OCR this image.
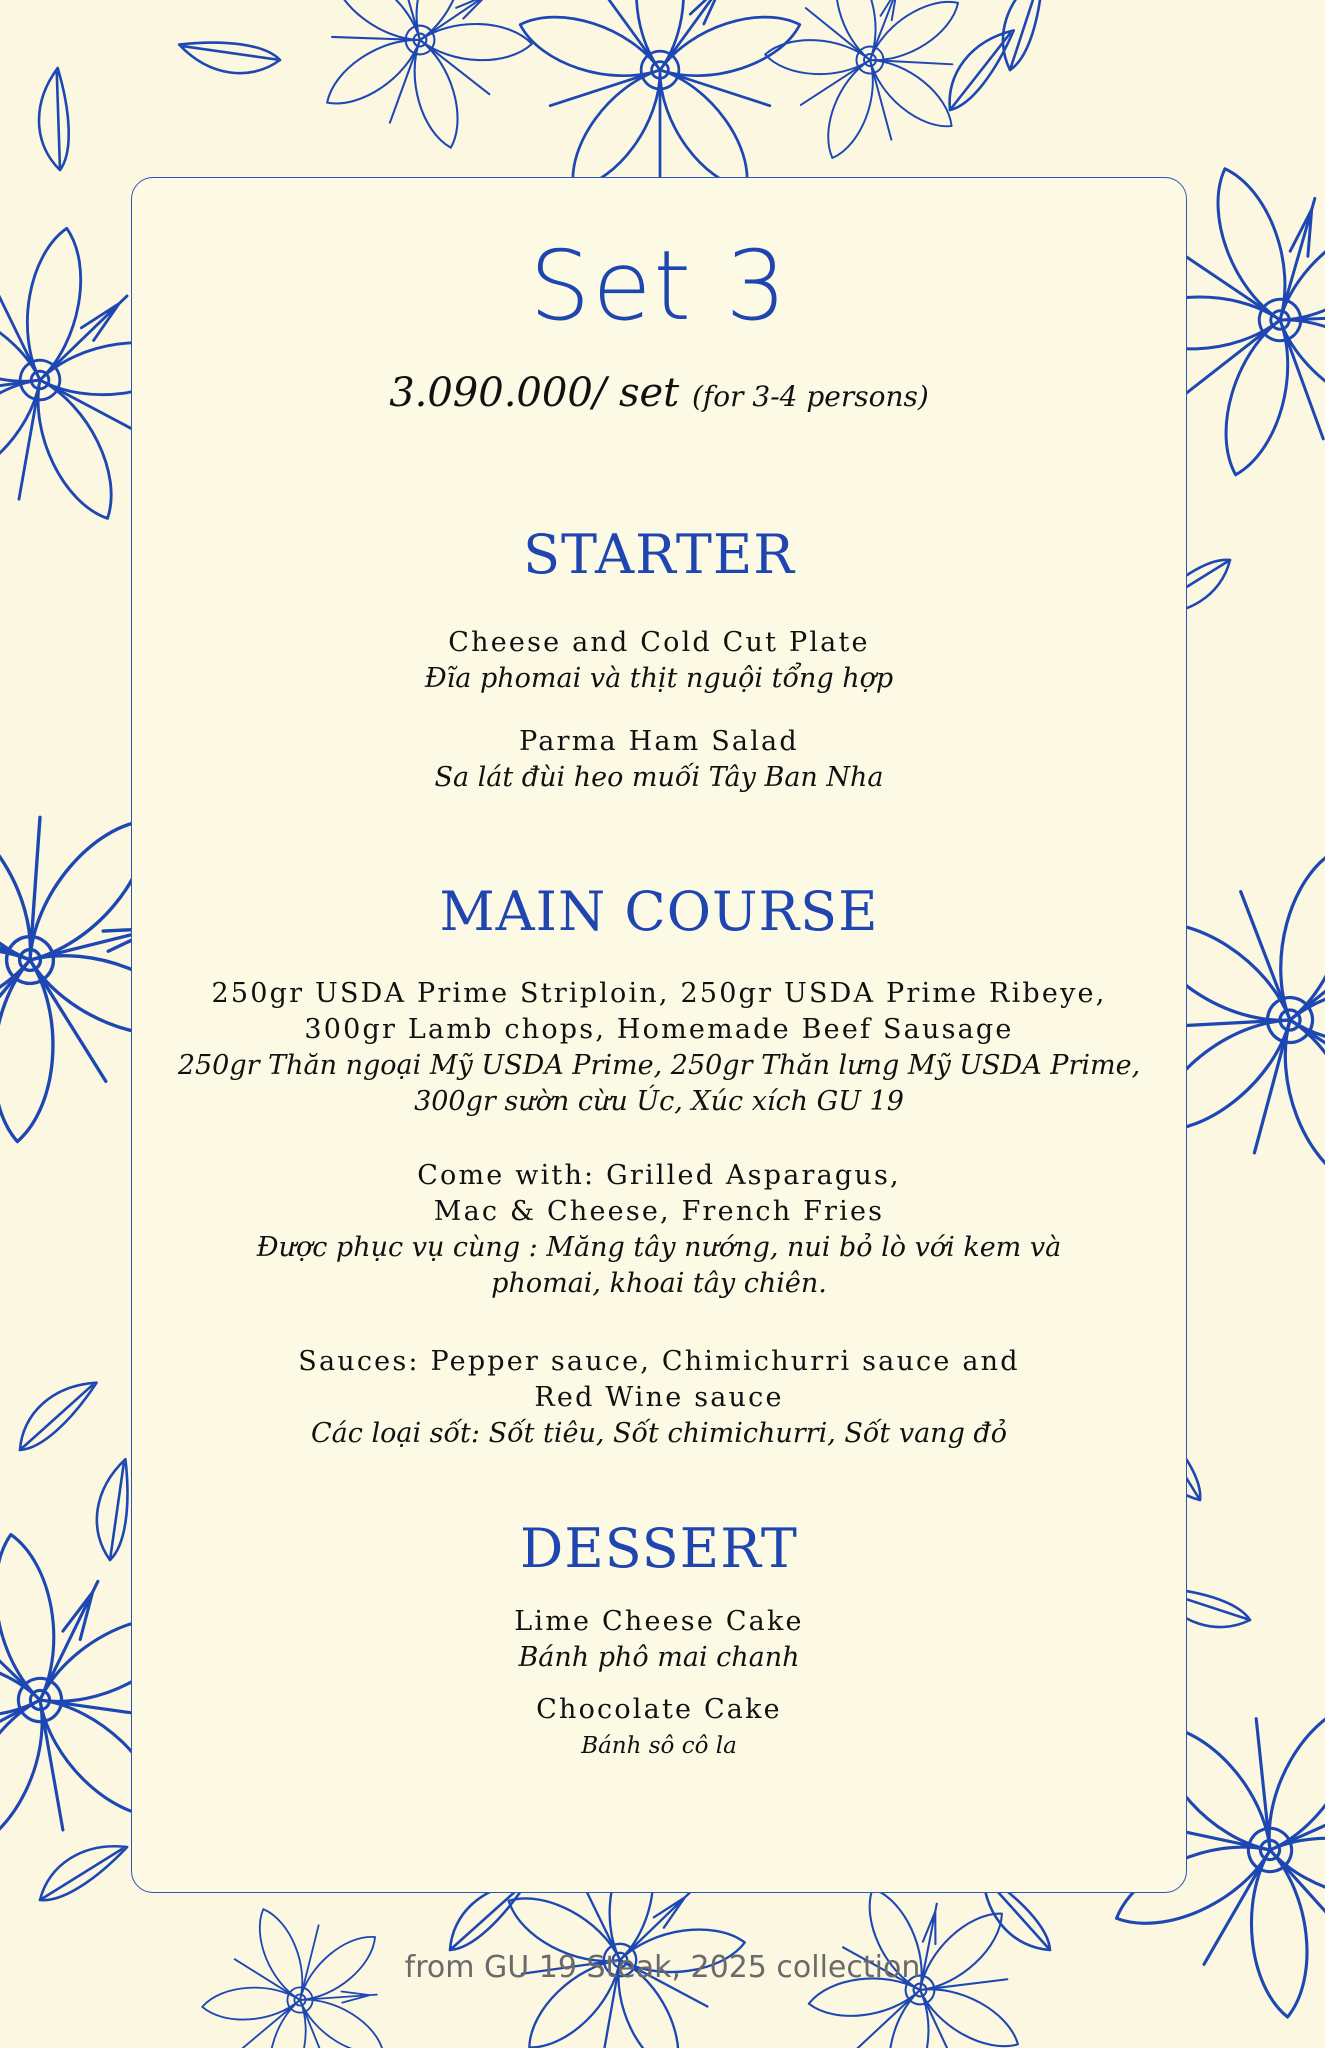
Set 3
3.090.000/ set (for 3-4 persons)
STARTER
Cheese and Cold Cut Plate
Đĩa phomai và thịt nguội tổng hợp
Parma Ham Salad
Sa lát đùi heo muối Tây Ban Nha
MAIN COURSE
250gr USDA Prime Striploin, 250gr USDA Prime Ribeye,
300gr Lamb chops, Homemade Beef Sausage
250gr Thăn ngoại Mỹ USDA Prime, 250gr Thăn lưng Mỹ USDA Prime,
300gr sườn cừu Úc, Xúc xích GU 19
Come with: Grilled Asparagus,
Mac & Cheese, French Fries
Được phục vụ cùng : Măng tây nướng, nui bỏ lò với kem và
phomai, khoai tây chiên.
Sauces: Pepper sauce, Chimichurri sauce and
Red Wine sauce
Các loại sốt: Sốt tiêu, Sốt chimichurri, Sốt vang đỏ
DESSERT
Lime Cheese Cake
Bánh phô mai chanh
Chocolate Cake
Bánh sô cô la
from GU 19 Steak, 2025 collection
